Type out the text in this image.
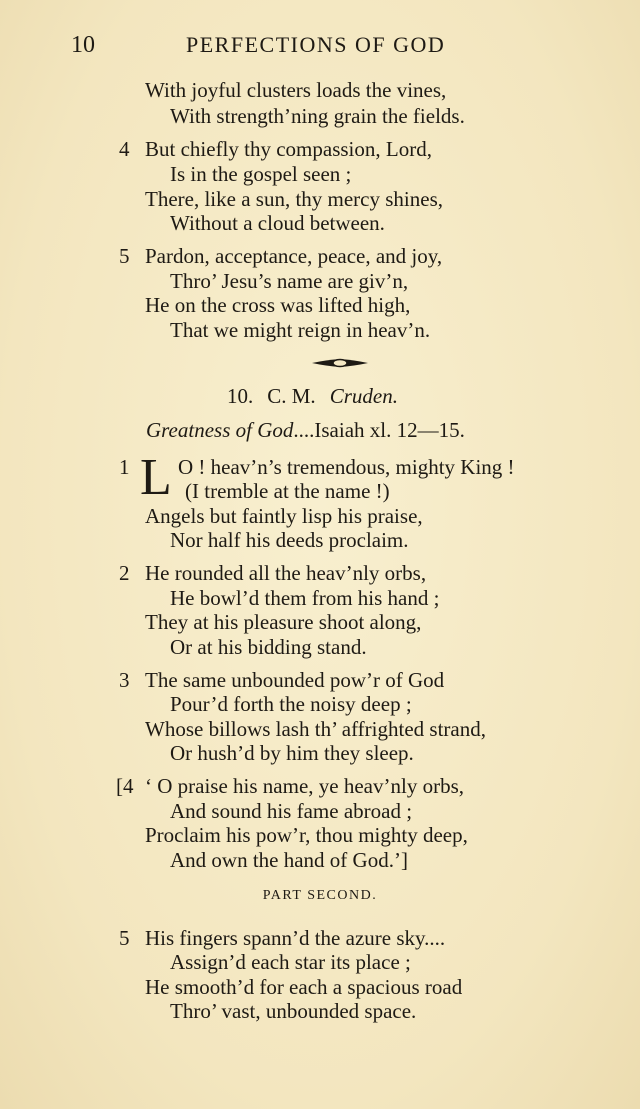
10	PERFECTIONS OF GOD
With joyful clusters loads the vines,
With strength’ning grain the fields.
4 But chiefly thy compassion, Lord,
Is in the gospel seen ;
There, like a sun, thy mercy shines,
Without a cloud between.
5 Pardon, acceptance, peace, and joy,
Thro’ Jesu’s name are giv’n,
He on the cross was lifted high,
That we might reign in heav’n.
10. C. M. Cruden.
Greatness of God....Isaiah xl. 12—15.
1 L O ! heav’n’s tremendous, mighty King !
(I tremble at the name !)
Angels but faintly lisp his praise,
Nor half his deeds proclaim.
2 He rounded all the heav’nly orbs,
He bowl’d them from his hand ;
They at his pleasure shoot along,
Or at his bidding stand.
3 The same unbounded pow’r of God
Pour’d forth the noisy deep ;
Whose billows lash th’ affrighted strand,
Or hush’d by him they sleep.
[4 ‘ O praise his name, ye heav’nly orbs,
And sound his fame abroad ;
Proclaim his pow’r, thou mighty deep,
And own the hand of God.’]
PART SECOND.
5 His fingers spann’d the azure sky....
Assign’d each star its place ;
He smooth’d for each a spacious road
Thro’ vast, unbounded space.
